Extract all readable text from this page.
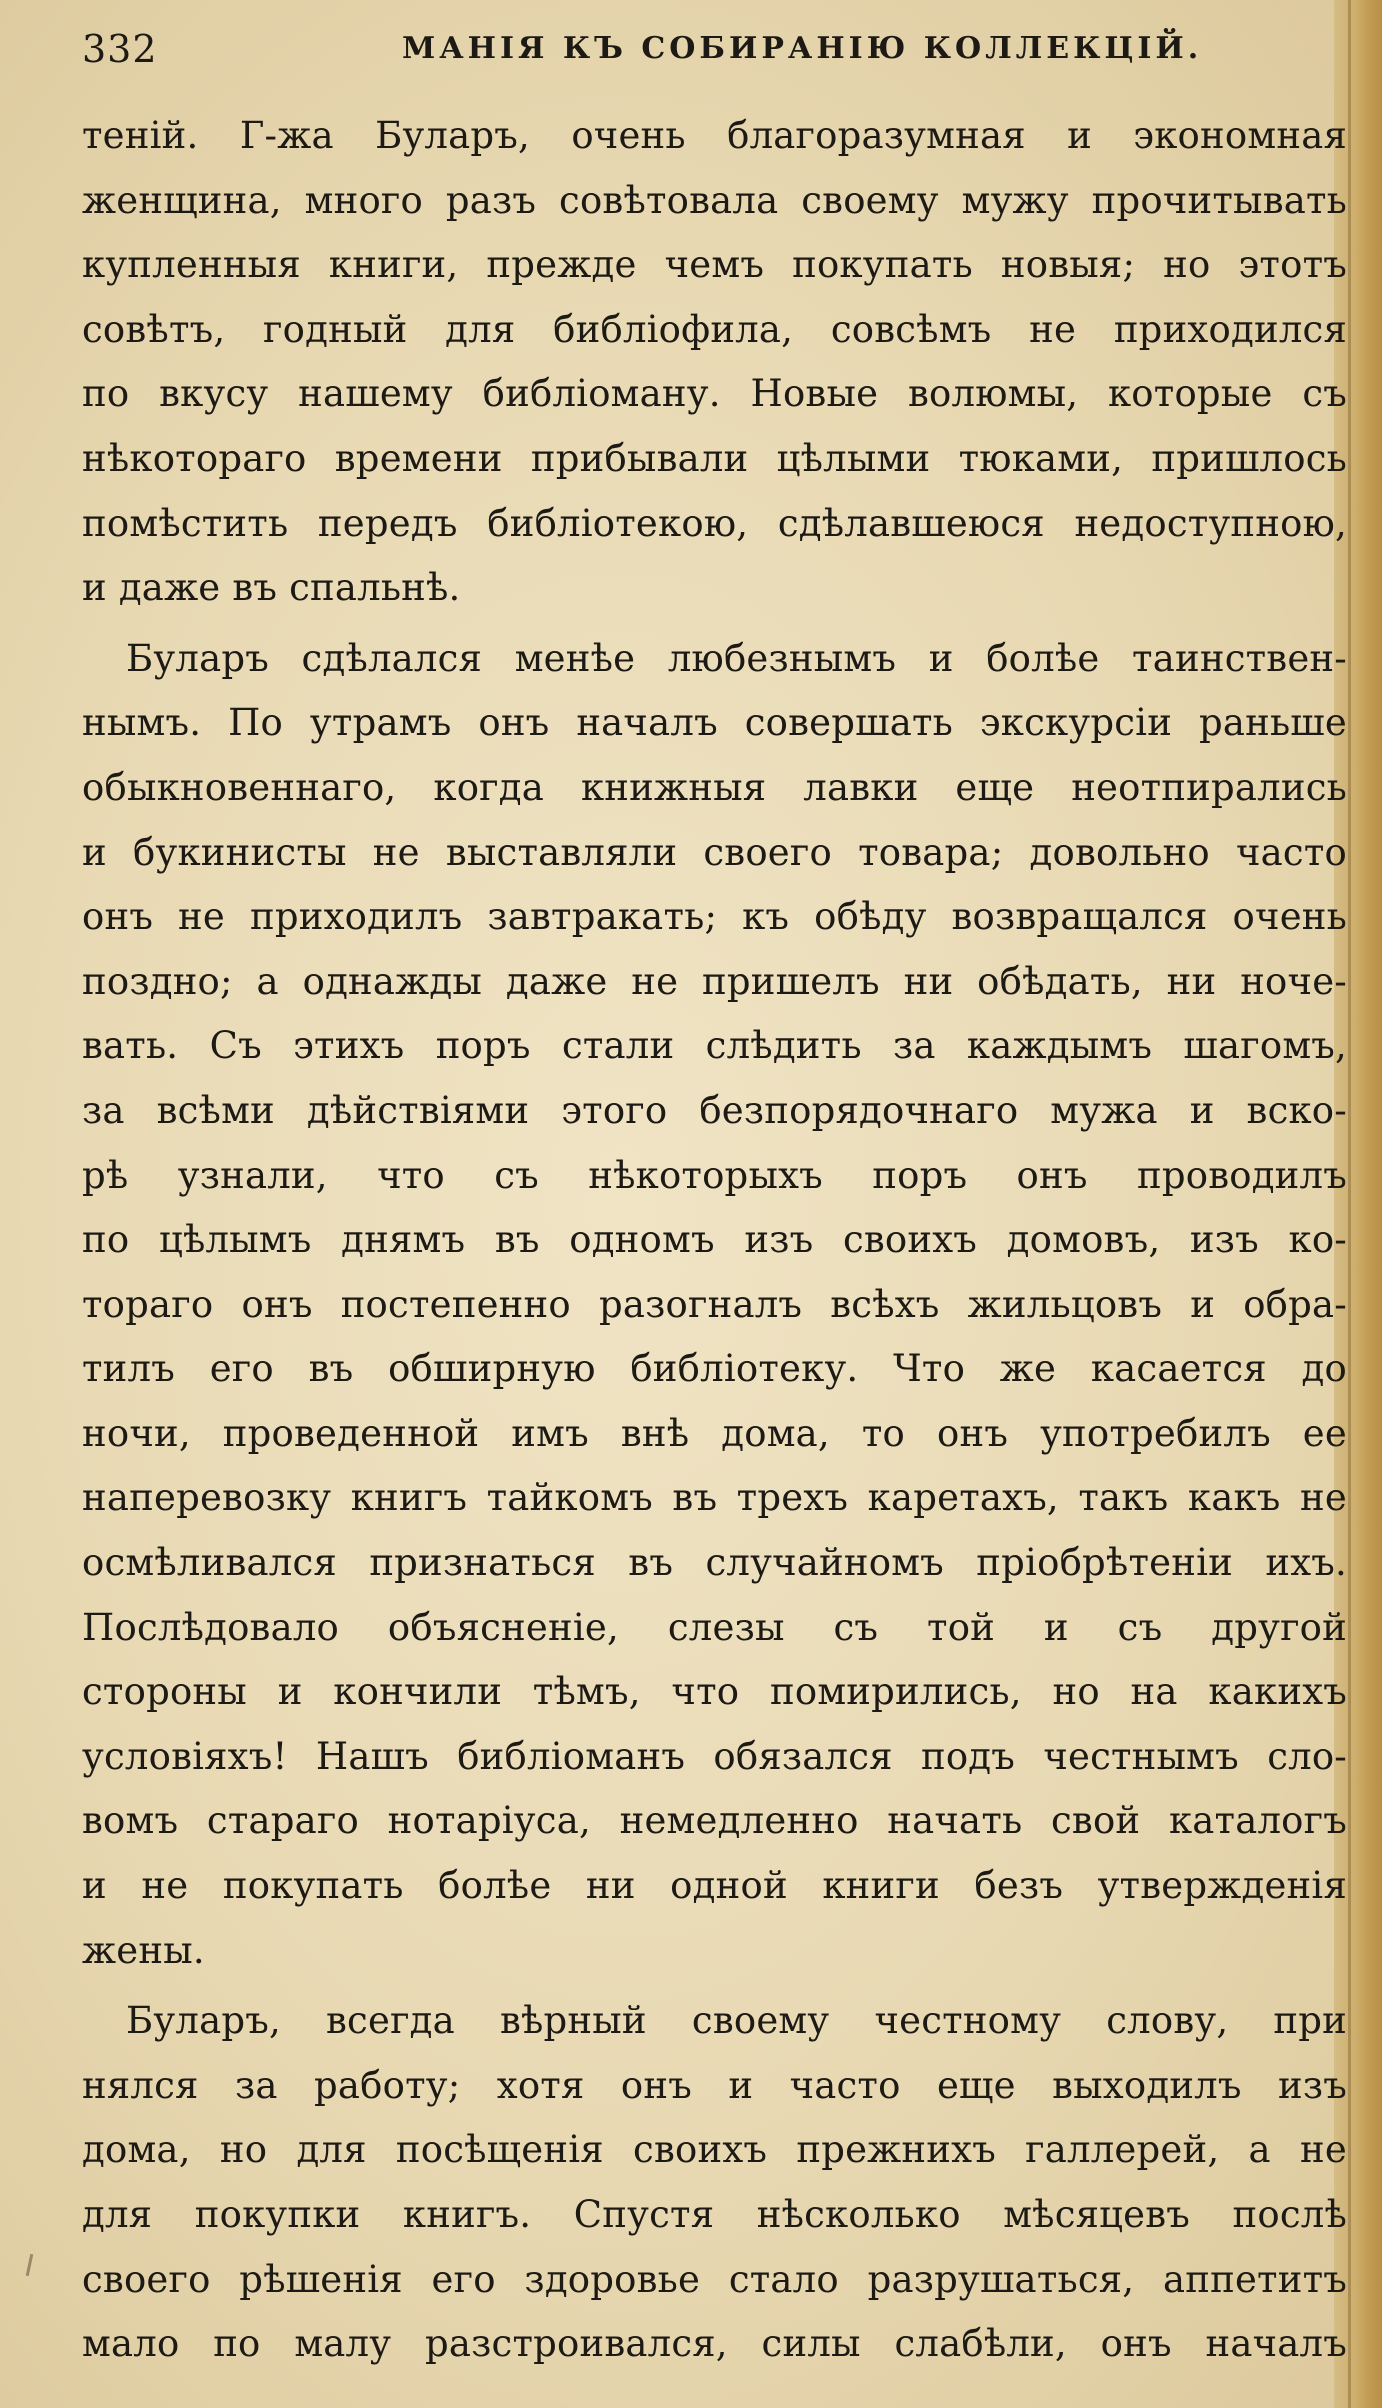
332	МАНІЯ КЪ СОБИРАНІЮ КОЛЛЕКЦІЙ.
теній. Г-жа Буларъ, очень благоразумная и экономная
женщина, много разъ совѣтовала своему мужу прочитывать
купленныя книги, прежде чемъ покупать новыя; но этотъ
совѣтъ, годный для библіофила, совсѣмъ не приходился
по вкусу нашему библіоману. Новые волюмы, которые съ
нѣкотораго времени прибывали цѣлыми тюками, пришлось
помѣстить передъ библіотекою, сдѣлавшеюся недоступною,
и даже въ спальнѣ.
Буларъ сдѣлался менѣе любезнымъ и болѣе таинствен-
нымъ. По утрамъ онъ началъ совершать экскурсіи раньше
обыкновеннаго, когда книжныя лавки еще неотпирались
и букинисты не выставляли своего товара; довольно часто
онъ не приходилъ завтракать; къ обѣду возвращался очень
поздно; а однажды даже не пришелъ ни обѣдать, ни ноче-
вать. Съ этихъ поръ стали слѣдить за каждымъ шагомъ,
за всѣми дѣйствіями этого безпорядочнаго мужа и вско-
рѣ узнали, что съ нѣкоторыхъ поръ онъ проводилъ
по цѣлымъ днямъ въ одномъ изъ своихъ домовъ, изъ ко-
тораго онъ постепенно разогналъ всѣхъ жильцовъ и обра-
тилъ его въ обширную библіотеку. Что же касается до
ночи, проведенной имъ внѣ дома, то онъ употребилъ ее
наперевозку книгъ тайкомъ въ трехъ каретахъ, такъ какъ не
осмѣливался признаться въ случайномъ пріобрѣтеніи ихъ.
Послѣдовало объясненіе, слезы съ той и съ другой
стороны и кончили тѣмъ, что помирились, но на какихъ
условіяхъ! Нашъ библіоманъ обязался подъ честнымъ сло-
вомъ стараго нотаріуса, немедленно начать свой каталогъ
и не покупать болѣе ни одной книги безъ утвержденія
жены.
Буларъ, всегда вѣрный своему честному слову, при
нялся за работу; хотя онъ и часто еще выходилъ изъ
дома, но для посѣщенія своихъ прежнихъ галлерей, а не
для покупки книгъ. Спустя нѣсколько мѣсяцевъ послѣ
своего рѣшенія его здоровье стало разрушаться, аппетитъ
мало по малу разстроивался, силы слабѣли, онъ началъ
